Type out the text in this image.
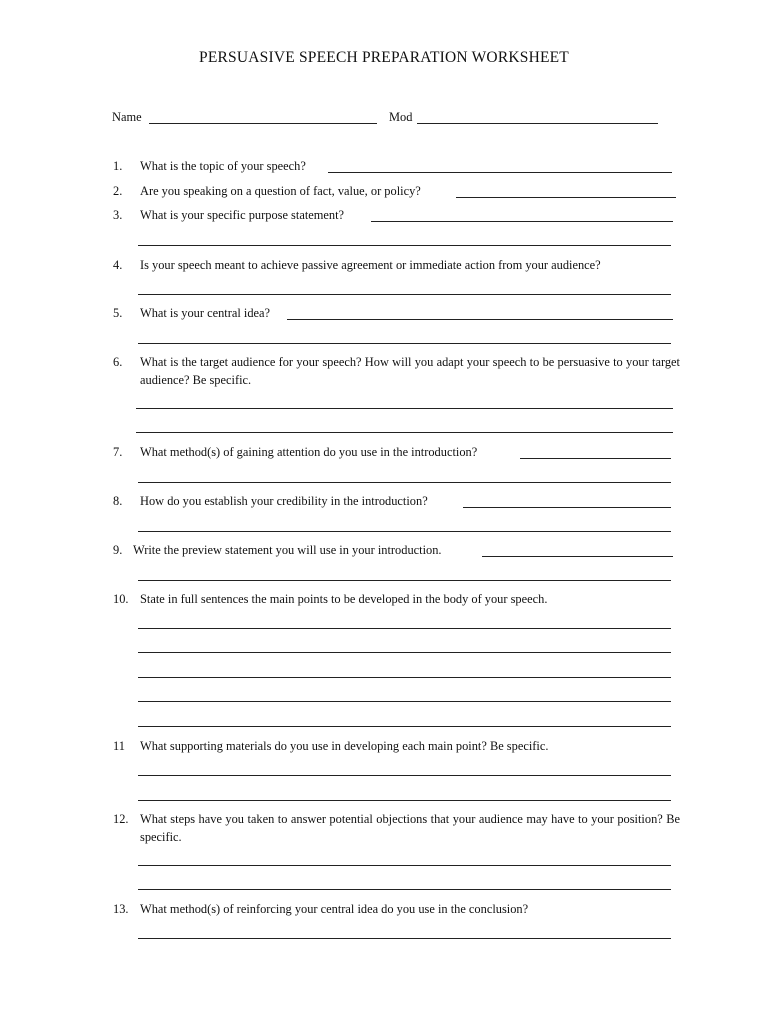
PERSUASIVE SPEECH PREPARATION WORKSHEET
Name	Mod
1. What is the topic of your speech?
2. Are you speaking on a question of fact, value, or policy?
3. What is your specific purpose statement?
4. Is your speech meant to achieve passive agreement or immediate action from your audience?
5. What is your central idea?
6. What is the target audience for your speech? How will you adapt your speech to be persuasive to your target audience? Be specific.
7. What method(s) of gaining attention do you use in the introduction?
8. How do you establish your credibility in the introduction?
9. Write the preview statement you will use in your introduction.
10. State in full sentences the main points to be developed in the body of your speech.
11 What supporting materials do you use in developing each main point? Be specific.
12. What steps have you taken to answer potential objections that your audience may have to your position? Be specific.
13. What method(s) of reinforcing your central idea do you use in the conclusion?
